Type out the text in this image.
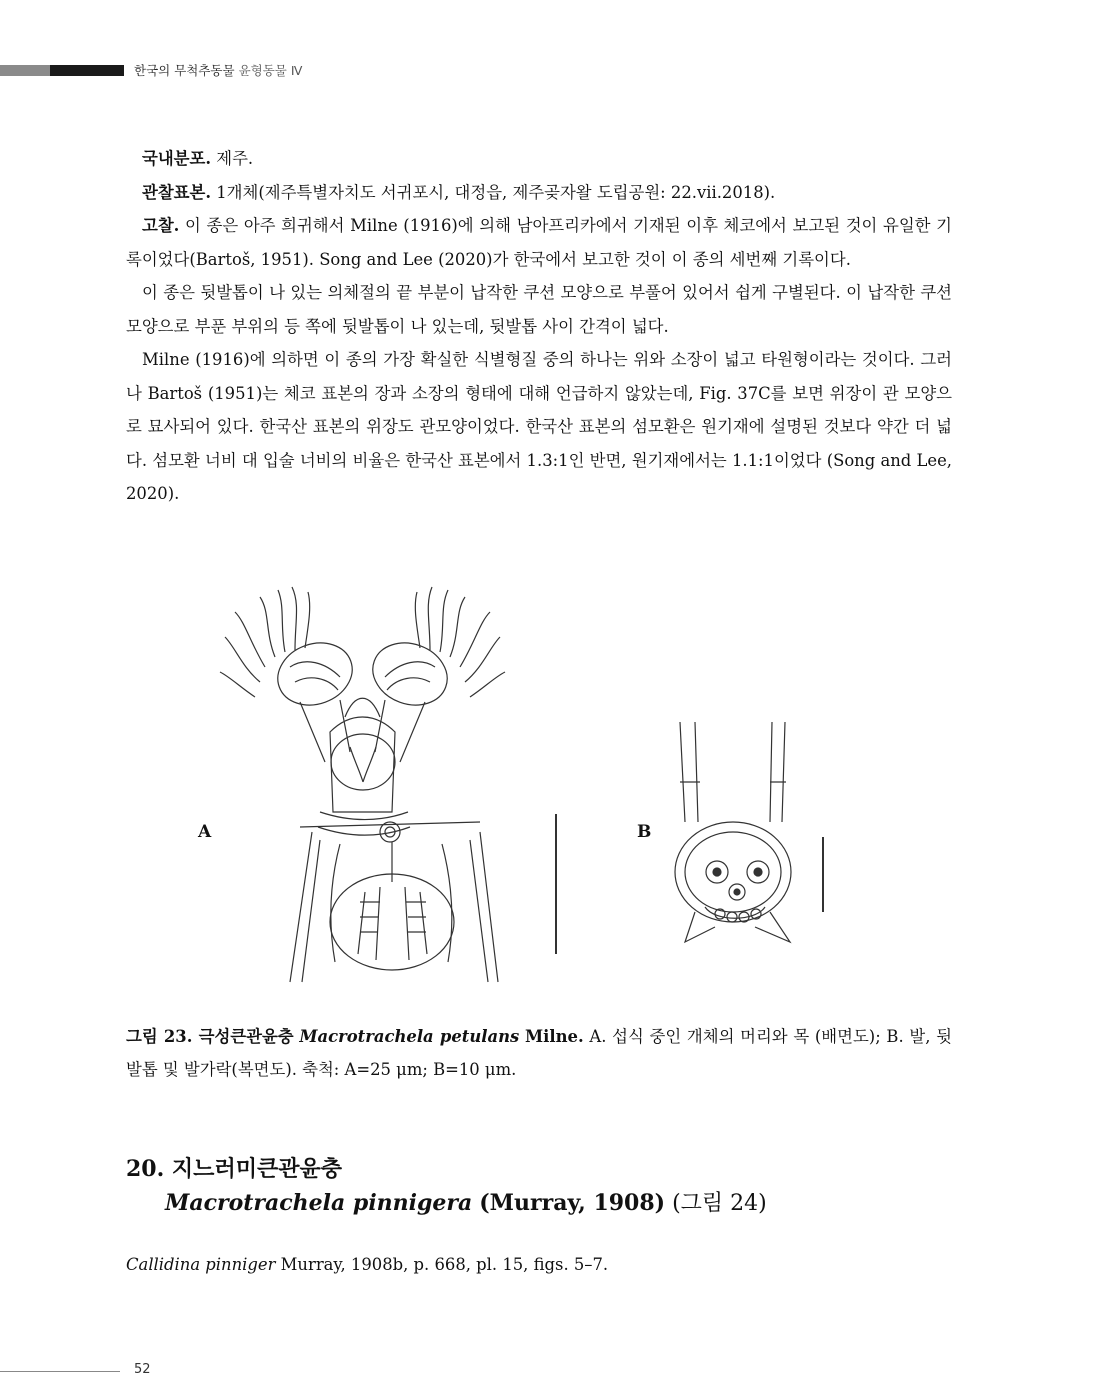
한국의 무척추동물 윤형동물 Ⅳ

국내분포. 제주.

관찰표본. 1개체(제주특별자치도 서귀포시, 대정읍, 제주곶자왈 도립공원: 22.vii.2018).

고찰. 이 종은 아주 희귀해서 Milne (1916)에 의해 남아프리카에서 기재된 이후 체코에서 보고된 것이 유일한 기록이었다(Bartoš, 1951). Song and Lee (2020)가 한국에서 보고한 것이 이 종의 세번째 기록이다.

이 종은 뒷발톱이 나 있는 의체절의 끝 부분이 납작한 쿠션 모양으로 부풀어 있어서 쉽게 구별된다. 이 납작한 쿠션 모양으로 부푼 부위의 등 쪽에 뒷발톱이 나 있는데, 뒷발톱 사이 간격이 넓다.

Milne (1916)에 의하면 이 종의 가장 확실한 식별형질 중의 하나는 위와 소장이 넓고 타원형이라는 것이다. 그러나 Bartoš (1951)는 체코 표본의 장과 소장의 형태에 대해 언급하지 않았는데, Fig. 37C를 보면 위장이 관 모양으로 묘사되어 있다. 한국산 표본의 위장도 관모양이었다. 한국산 표본의 섬모환은 원기재에 설명된 것보다 약간 더 넓다. 섬모환 너비 대 입술 너비의 비율은 한국산 표본에서 1.3:1인 반면, 원기재에서는 1.1:1이었다 (Song and Lee, 2020).

A	B
그림 23. 극성큰관윤충 Macrotrachela petulans Milne. A. 섭식 중인 개체의 머리와 목 (배면도); B. 발, 뒷발톱 및 발가락(복면도). 축척: A=25 μm; B=10 μm.
20. 지느러미큰관윤충
Macrotrachela pinnigera (Murray, 1908) (그림 24)
Callidina pinniger Murray, 1908b, p. 668, pl. 15, figs. 5–7.
52
